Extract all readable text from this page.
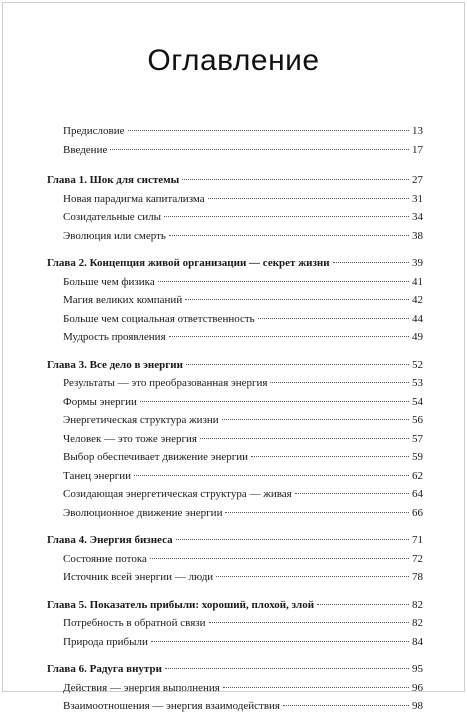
Оглавление
Предисловие	13
Введение	17
Глава 1. Шок для системы	27
Новая парадигма капитализма	31
Созидательные силы	34
Эволюция или смерть	38
Глава 2. Концепция живой организации — секрет жизни	39
Больше чем физика	41
Магия великих компаний	42
Больше чем социальная ответственность	44
Мудрость проявления	49
Глава 3. Все дело в энергии	52
Результаты — это преобразованная энергия	53
Формы энергии	54
Энергетическая структура жизни	56
Человек — это тоже энергия	57
Выбор обеспечивает движение энергии	59
Танец энергии	62
Созидающая энергетическая структура — живая	64
Эволюционное движение энергии	66
Глава 4. Энергия бизнеса	71
Состояние потока	72
Источник всей энергии — люди	78
Глава 5. Показатель прибыли: хороший, плохой, злой	82
Потребность в обратной связи	82
Природа прибыли	84
Глава 6. Радуга внутри	95
Действия — энергия выполнения	96
Взаимоотношения — энергия взаимодействия	98
